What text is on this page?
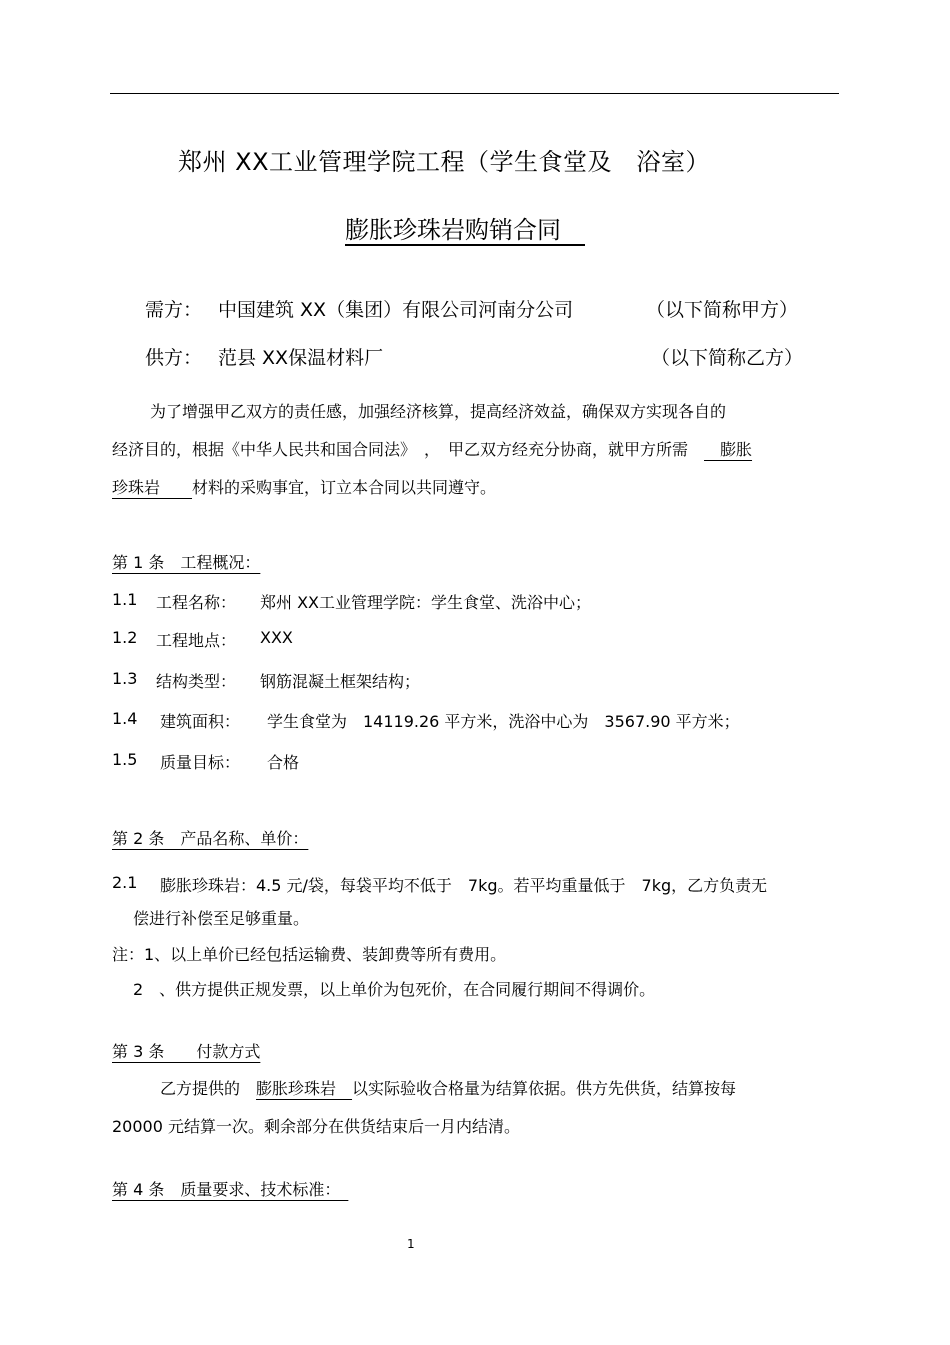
郑州 XX工业管理学院工程（学生食堂及　浴室）
膨胀珍珠岩购销合同　
需方： 中国建筑 XX（集团）有限公司河南分公司	（以下简称甲方）
供方： 范县 XX保温材料厂	（以下简称乙方）
为了增强甲乙双方的责任感，加强经济核算，提高经济效益，确保双方实现各自的
经济目的，根据《中华人民共和国合同法》　，　甲乙双方经充分协商，就甲方所需　　膨胀
珍珠岩　　材料的采购事宜，订立本合同以共同遵守。
第 1 条　工程概况：
1.1 工程名称： 郑州 XX工业管理学院：学生食堂、洗浴中心；
1.2 工程地点： XXX
1.3 结构类型： 钢筋混凝土框架结构；
1.4 建筑面积： 学生食堂为　14119.26 平方米，洗浴中心为　3567.90 平方米；
1.5 质量目标： 合格
第 2 条　产品名称、单价：
2.1 膨胀珍珠岩：4.5 元/袋，每袋平均不低于　7kg。若平均重量低于　7kg，乙方负责无
偿进行补偿至足够重量。
注：1、以上单价已经包括运输费、装卸费等所有费用。
2　、供方提供正规发票，以上单价为包死价，在合同履行期间不得调价。
第 3 条　　付款方式
乙方提供的　膨胀珍珠岩　以实际验收合格量为结算依据。供方先供货，结算按每
20000 元结算一次。剩余部分在供货结束后一月内结清。
第 4 条　质量要求、技术标准：　
1
